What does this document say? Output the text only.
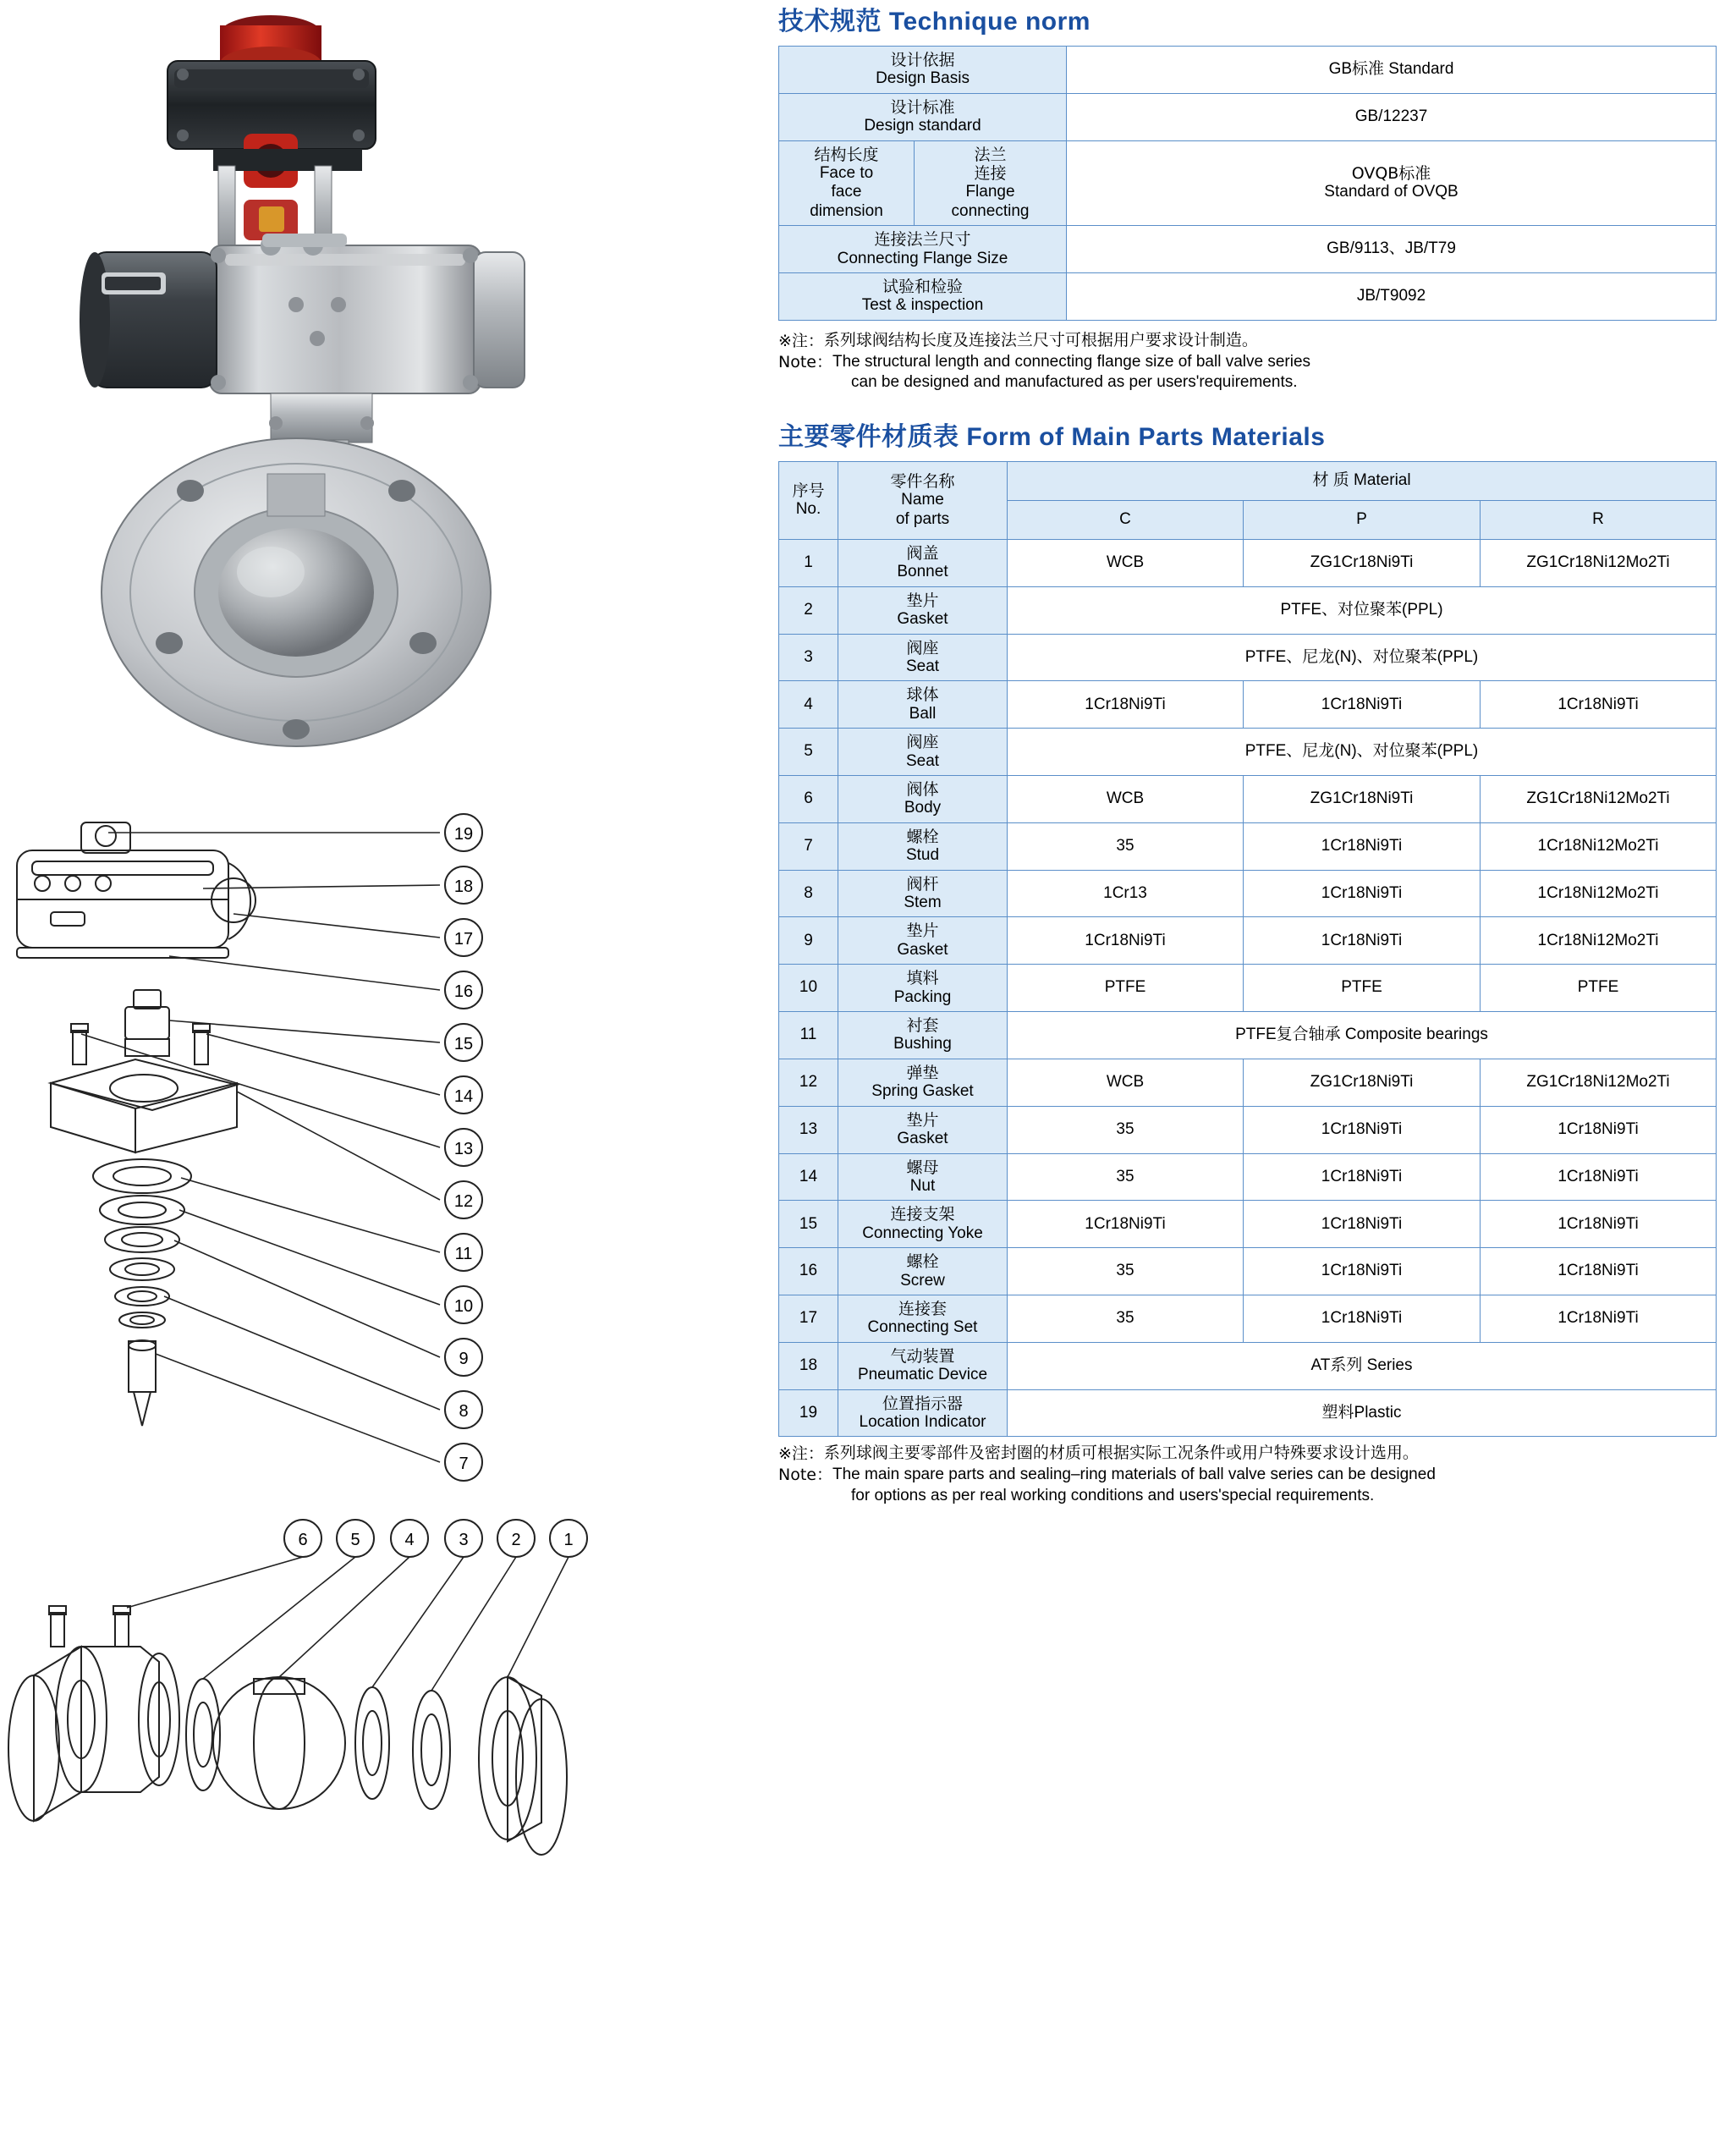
19
18
17
16
15
14
13
12
11
10
9
8
7
6	5	4	3	2	1
技术规范 Technique norm
设计依据
Design Basis		GB标准 Standard

设计标准
Design standard		GB/12237

结构长度
Face to
face
dimension	法兰
连接
Flange
connecting	OVQB标准
Standard of OVQB

连接法兰尺寸
Connecting Flange Size		GB/9113、JB/T79

试验和检验
Test & inspection		JB/T9092
※注： 系列球阀结构长度及连接法兰尺寸可根据用户要求设计制造。
Note： The structural length and connecting flange size of ball valve series
can be designed and manufactured as per users'requirements.
主要零件材质表 Form of Main Parts Materials
序号
No.	零件名称
Name
of parts	材 质 Material		

		C	P	R
1	阀盖
Bonnet	WCB	ZG1Cr18Ni9Ti	ZG1Cr18Ni12Mo2Ti
2	垫片
Gasket	PTFE、对位聚苯(PPL)		
3	阀座
Seat	PTFE、尼龙(N)、对位聚苯(PPL)		
4	球体
Ball	1Cr18Ni9Ti	1Cr18Ni9Ti	1Cr18Ni9Ti
5	阀座
Seat	PTFE、尼龙(N)、对位聚苯(PPL)		
6	阀体
Body	WCB	ZG1Cr18Ni9Ti	ZG1Cr18Ni12Mo2Ti
7	螺栓
Stud	35	1Cr18Ni9Ti	1Cr18Ni12Mo2Ti
8	阀杆
Stem	1Cr13	1Cr18Ni9Ti	1Cr18Ni12Mo2Ti
9	垫片
Gasket	1Cr18Ni9Ti	1Cr18Ni9Ti	1Cr18Ni12Mo2Ti
10	填料
Packing	PTFE	PTFE	PTFE
11	衬套
Bushing	PTFE复合轴承 Composite bearings		
12	弹垫
Spring Gasket	WCB	ZG1Cr18Ni9Ti	ZG1Cr18Ni12Mo2Ti
13	垫片
Gasket	35	1Cr18Ni9Ti	1Cr18Ni9Ti
14	螺母
Nut	35	1Cr18Ni9Ti	1Cr18Ni9Ti
15	连接支架
Connecting Yoke	1Cr18Ni9Ti	1Cr18Ni9Ti	1Cr18Ni9Ti
16	螺栓
Screw	35	1Cr18Ni9Ti	1Cr18Ni9Ti
17	连接套
Connecting Set	35	1Cr18Ni9Ti	1Cr18Ni9Ti
18	气动装置
Pneumatic Device	AT系列 Series		
19	位置指示器
Location Indicator	塑料Plastic		
※注： 系列球阀主要零部件及密封圈的材质可根据实际工况条件或用户特殊要求设计选用。
Note： The main spare parts and sealing–ring materials of ball valve series can be designed
for options as per real working conditions and users'special requirements.
